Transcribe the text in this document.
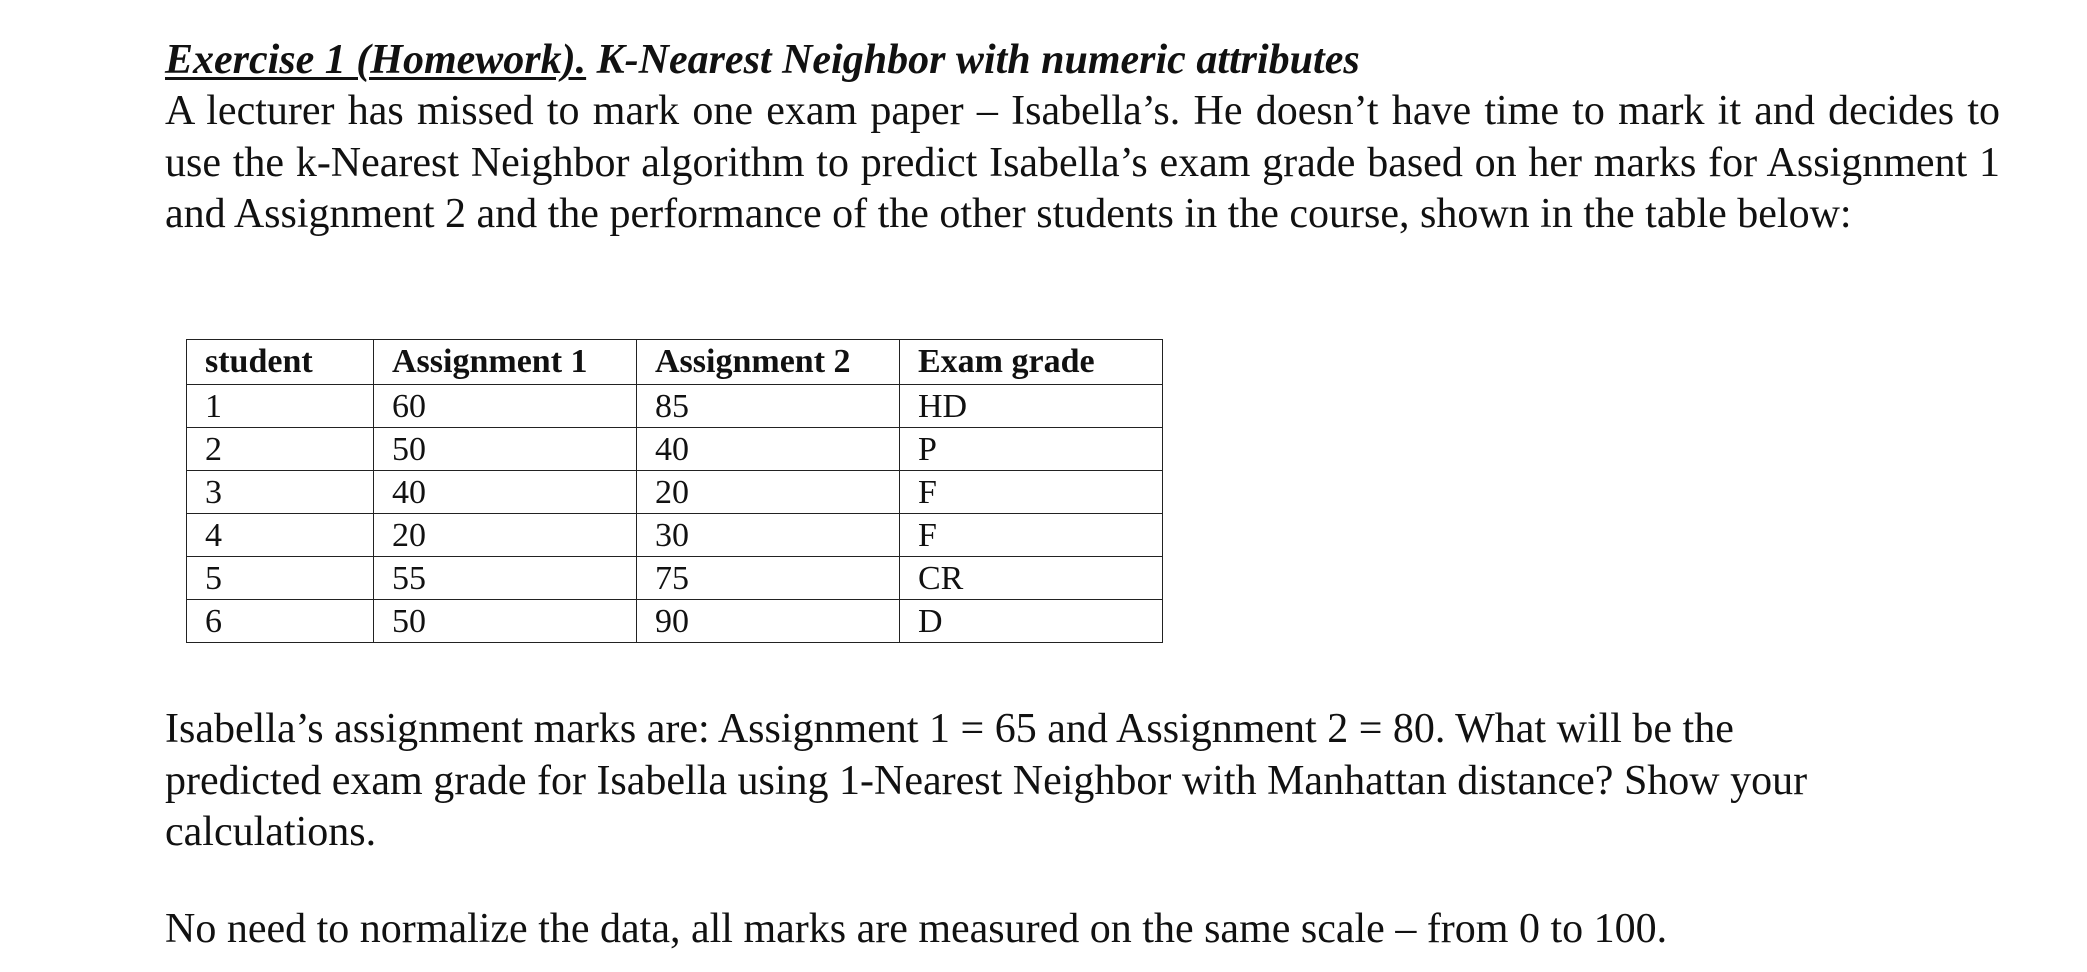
Exercise 1 (Homework). K-Nearest Neighbor with numeric attributes

A lecturer has missed to mark one exam paper – Isabella’s. He doesn’t have time to mark it and decides to use the k-Nearest Neighbor algorithm to predict Isabella’s exam grade based on her marks for Assignment 1 and Assignment 2 and the performance of the other students in the course, shown in the table below:

student	Assignment 1	Assignment 2	Exam grade
1	60	85	HD
2	50	40	P
3	40	20	F
4	20	30	F
5	55	75	CR
6	50	90	D

Isabella’s assignment marks are: Assignment 1 = 65 and Assignment 2 = 80. What will be the
predicted exam grade for Isabella using 1-Nearest Neighbor with Manhattan distance? Show your
calculations.

No need to normalize the data, all marks are measured on the same scale – from 0 to 100.
